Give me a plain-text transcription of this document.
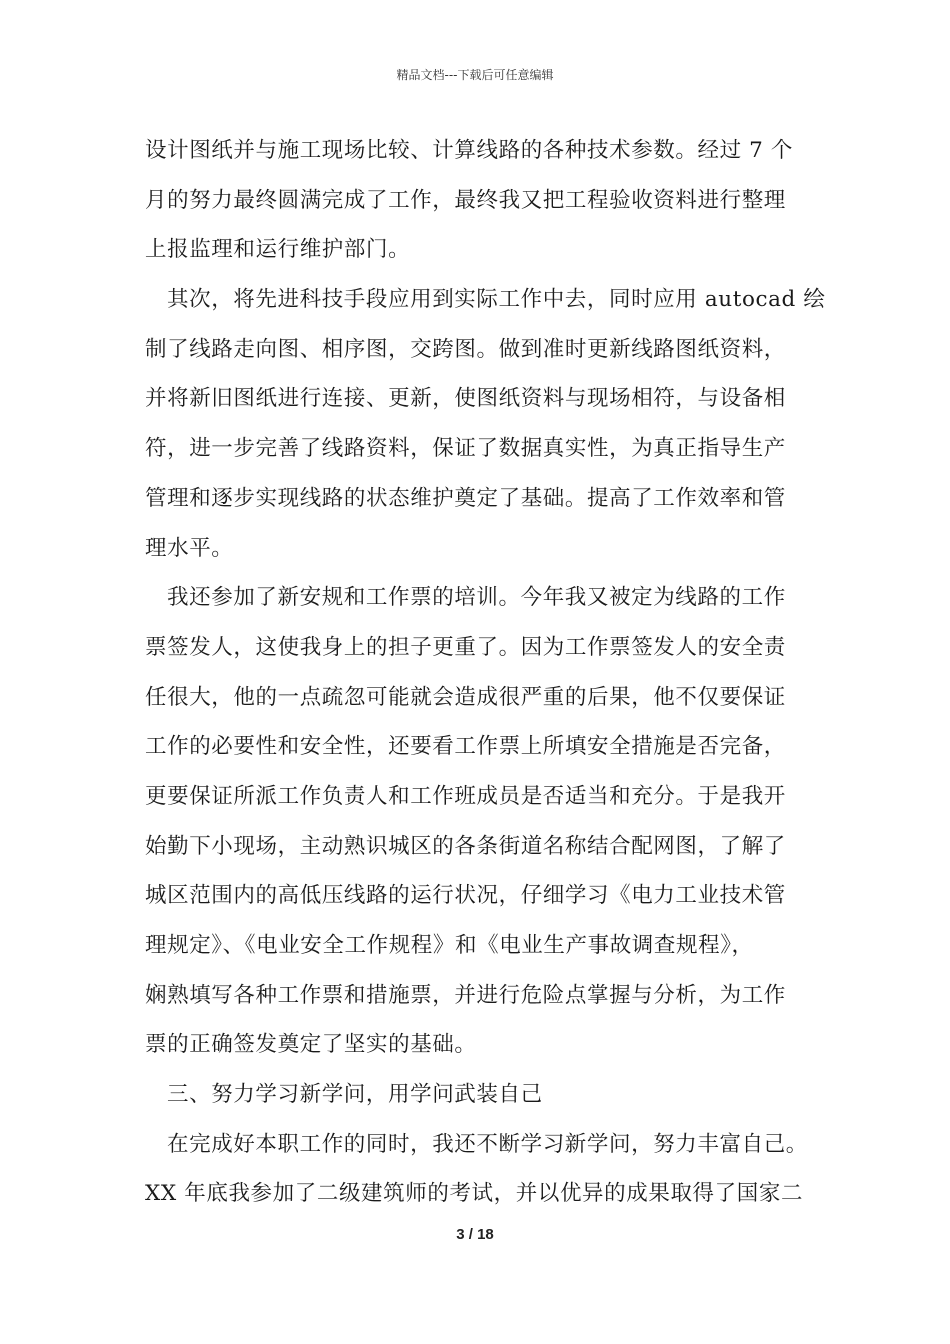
精品文档---下载后可任意编辑
设计图纸并与施工现场比较、计算线路的各种技术参数。经过 7 个
月的努力最终圆满完成了工作，最终我又把工程验收资料进行整理
上报监理和运行维护部门。
其次，将先进科技手段应用到实际工作中去，同时应用 autocad 绘
制了线路走向图、相序图，交跨图。做到准时更新线路图纸资料，
并将新旧图纸进行连接、更新，使图纸资料与现场相符，与设备相
符，进一步完善了线路资料，保证了数据真实性，为真正指导生产
管理和逐步实现线路的状态维护奠定了基础。提高了工作效率和管
理水平。
我还参加了新安规和工作票的培训。今年我又被定为线路的工作
票签发人，这使我身上的担子更重了。因为工作票签发人的安全责
任很大，他的一点疏忽可能就会造成很严重的后果，他不仅要保证
工作的必要性和安全性，还要看工作票上所填安全措施是否完备，
更要保证所派工作负责人和工作班成员是否适当和充分。于是我开
始勤下小现场，主动熟识城区的各条街道名称结合配网图，了解了
城区范围内的高低压线路的运行状况，仔细学习《电力工业技术管
理规定》、《电业安全工作规程》和《电业生产事故调查规程》，
娴熟填写各种工作票和措施票，并进行危险点掌握与分析，为工作
票的正确签发奠定了坚实的基础。
三、努力学习新学问，用学问武装自己
在完成好本职工作的同时，我还不断学习新学问，努力丰富自己。
XX 年底我参加了二级建筑师的考试，并以优异的成果取得了国家二
3 / 18
